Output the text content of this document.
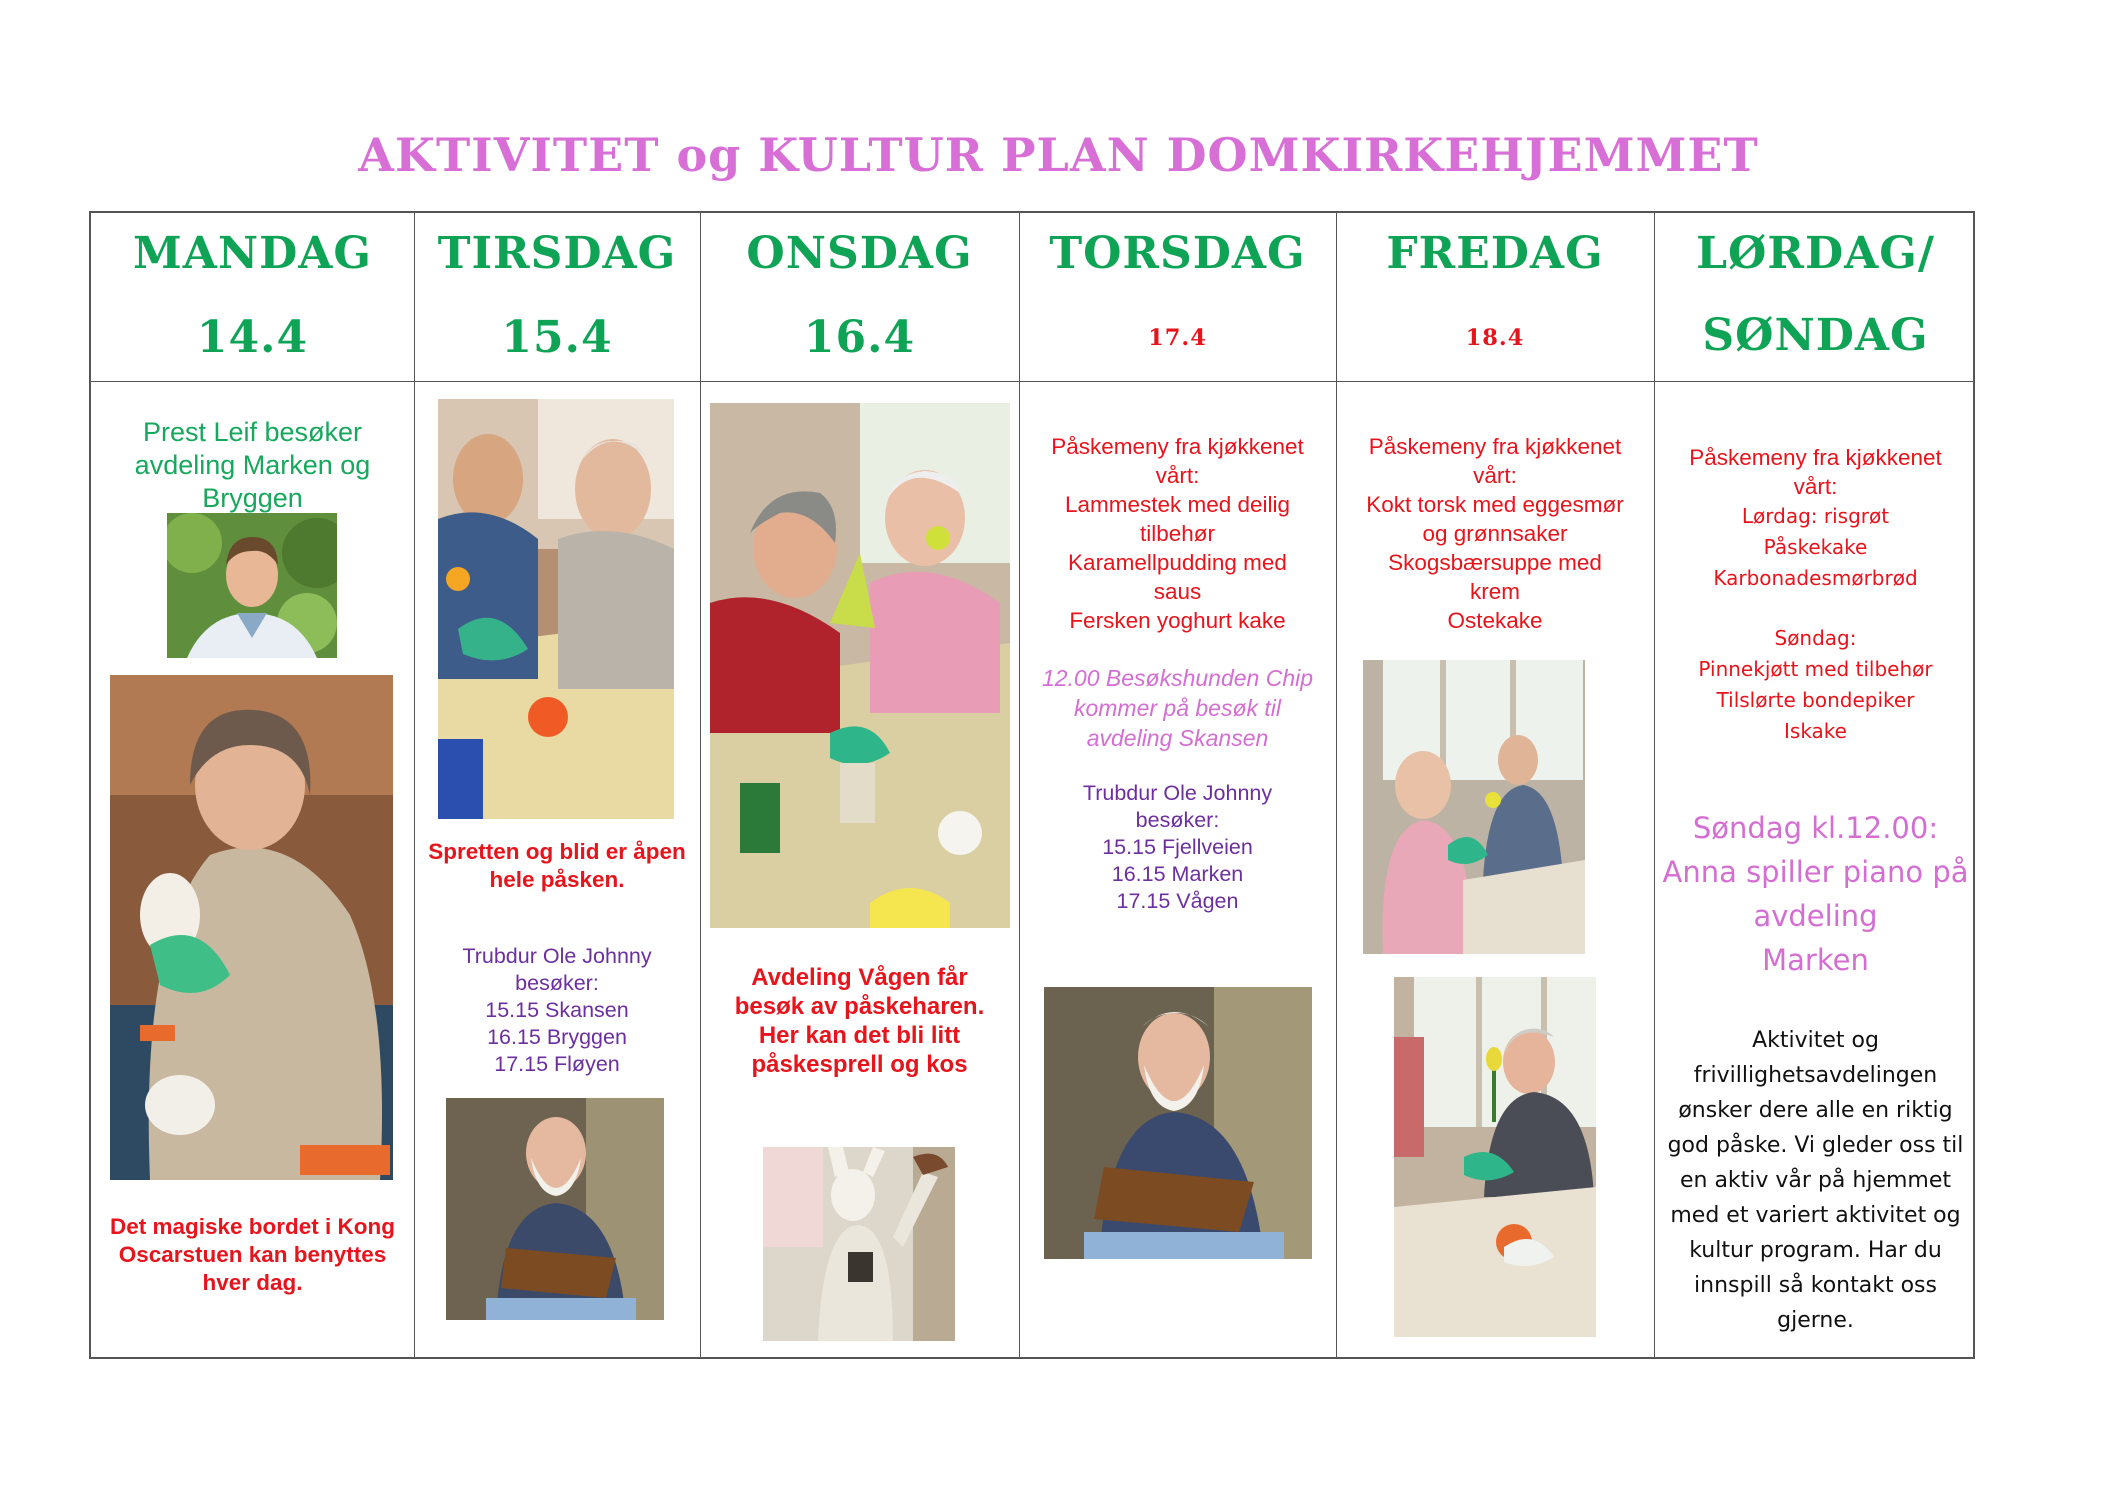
AKTIVITET og KULTUR PLAN DOMKIRKEHJEMMET
MANDAG
14.4
Prest Leif besøker
avdeling Marken og
Bryggen
Det magiske bordet i Kong
Oscarstuen kan benyttes
hver dag.
TIRSDAG
15.4
Spretten og blid er åpen
hele påsken.
Trubdur Ole Johnny
besøker:
15.15 Skansen
16.15 Bryggen
17.15 Fløyen
ONSDAG
16.4
Avdeling Vågen får
besøk av påskeharen.
Her kan det bli litt
påskesprell og kos
TORSDAG
17.4
Påskemeny fra kjøkkenet
vårt:
Lammestek med deilig
tilbehør
Karamellpudding med
saus
Fersken yoghurt kake
12.00 Besøkshunden Chip
kommer på besøk til
avdeling Skansen
Trubdur Ole Johnny
besøker:
15.15 Fjellveien
16.15 Marken
17.15 Vågen
FREDAG
18.4
Påskemeny fra kjøkkenet
vårt:
Kokt torsk med eggesmør
og grønnsaker
Skogsbærsuppe med
krem
Ostekake
LØRDAG/
SØNDAG
Påskemeny fra kjøkkenet
vårt:
Lørdag: risgrøt
Påskekake
Karbonadesmørbrød
Søndag:
Pinnekjøtt med tilbehør
Tilslørte bondepiker
Iskake
Søndag kl.12.00:
Anna spiller piano på
avdeling
Marken
Aktivitet og
frivillighetsavdelingen
ønsker dere alle en riktig
god påske. Vi gleder oss til
en aktiv vår på hjemmet
med et variert aktivitet og
kultur program. Har du
innspill så kontakt oss
gjerne.
